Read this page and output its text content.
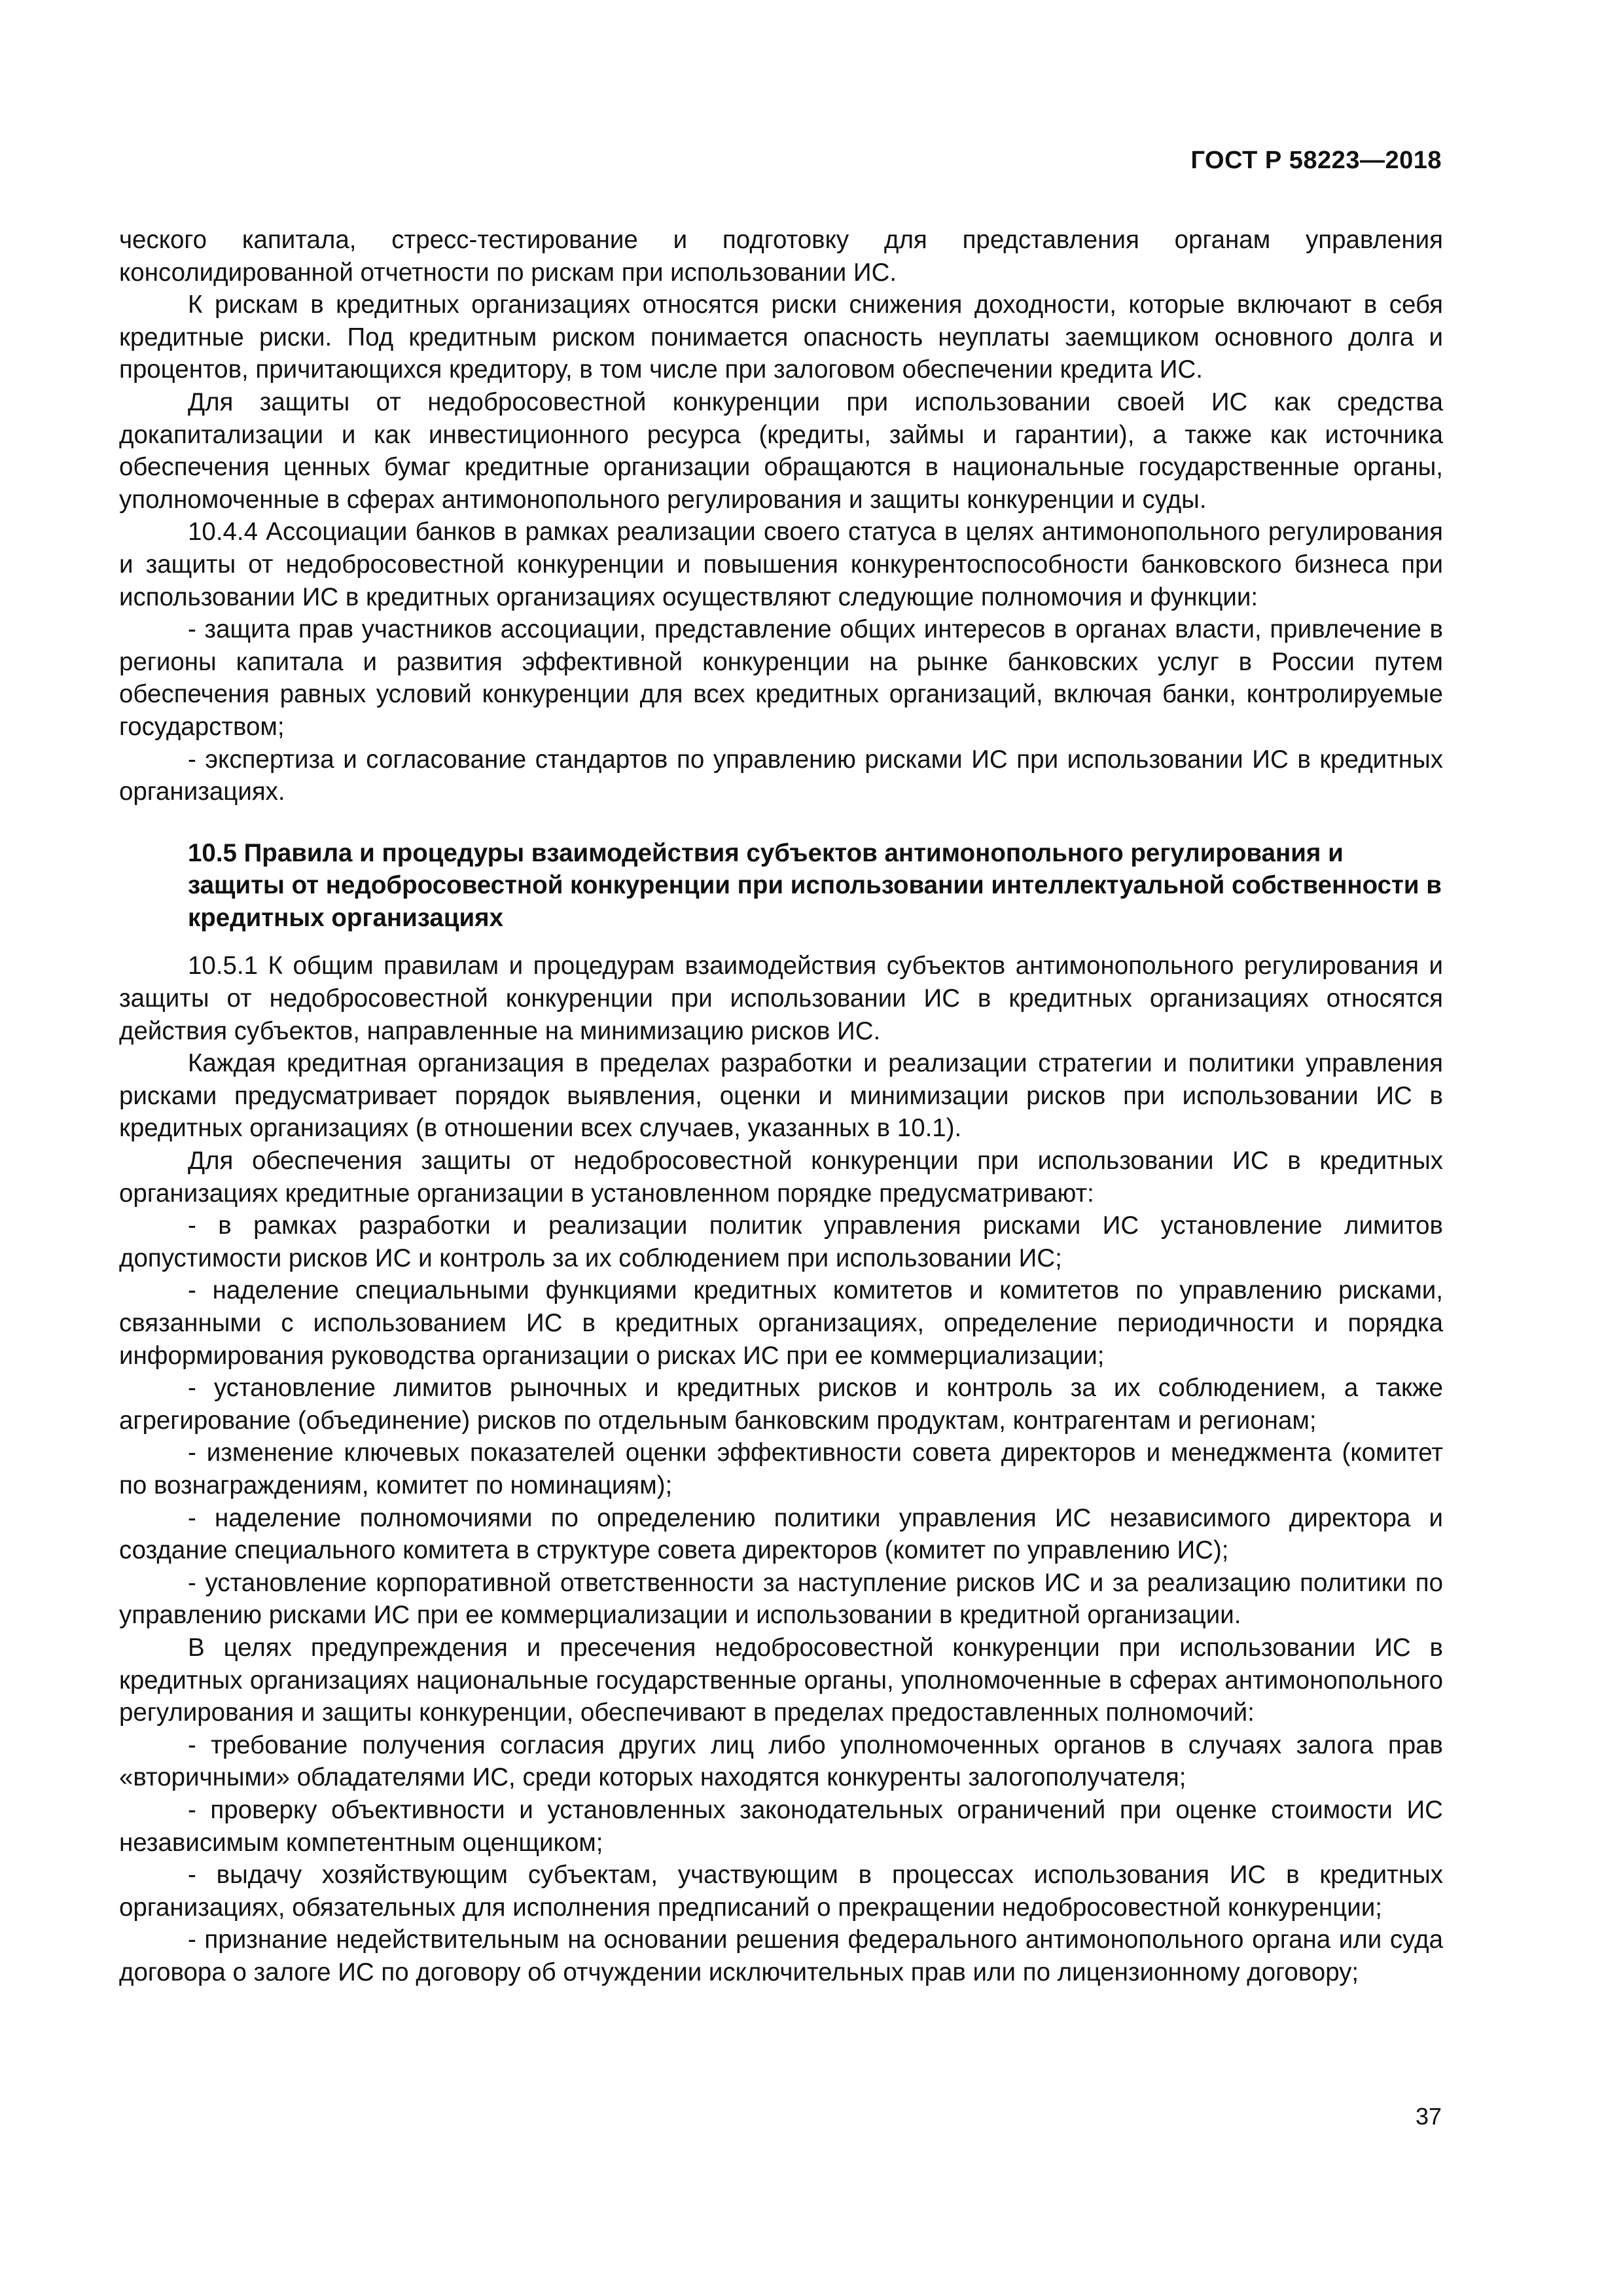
ГОСТ Р 58223—2018

ческого капитала, стресс-тестирование и подготовку для представления органам управления консолидированной отчетности по рискам при использовании ИС.

К рискам в кредитных организациях относятся риски снижения доходности, которые включают в себя кредитные риски. Под кредитным риском понимается опасность неуплаты заемщиком основного долга и процентов, причитающихся кредитору, в том числе при залоговом обеспечении кредита ИС.

Для защиты от недобросовестной конкуренции при использовании своей ИС как средства докапитализации и как инвестиционного ресурса (кредиты, займы и гарантии), а также как источника обеспечения ценных бумаг кредитные организации обращаются в национальные государственные органы, уполномоченные в сферах антимонопольного регулирования и защиты конкуренции и суды.

10.4.4 Ассоциации банков в рамках реализации своего статуса в целях антимонопольного регулирования и защиты от недобросовестной конкуренции и повышения конкурентоспособности банковского бизнеса при использовании ИС в кредитных организациях осуществляют следующие полномочия и функции:

- защита прав участников ассоциации, представление общих интересов в органах власти, привлечение в регионы капитала и развития эффективной конкуренции на рынке банковских услуг в России путем обеспечения равных условий конкуренции для всех кредитных организаций, включая банки, контролируемые государством;

- экспертиза и согласование стандартов по управлению рисками ИС при использовании ИС в кредитных организациях.

10.5 Правила и процедуры взаимодействия субъектов антимонопольного регулирования и защиты от недобросовестной конкуренции при использовании интеллектуальной собственности в кредитных организациях

10.5.1 К общим правилам и процедурам взаимодействия субъектов антимонопольного регулирования и защиты от недобросовестной конкуренции при использовании ИС в кредитных организациях относятся действия субъектов, направленные на минимизацию рисков ИС.

Каждая кредитная организация в пределах разработки и реализации стратегии и политики управления рисками предусматривает порядок выявления, оценки и минимизации рисков при использовании ИС в кредитных организациях (в отношении всех случаев, указанных в 10.1).

Для обеспечения защиты от недобросовестной конкуренции при использовании ИС в кредитных организациях кредитные организации в установленном порядке предусматривают:

- в рамках разработки и реализации политик управления рисками ИС установление лимитов допустимости рисков ИС и контроль за их соблюдением при использовании ИС;

- наделение специальными функциями кредитных комитетов и комитетов по управлению рисками, связанными с использованием ИС в кредитных организациях, определение периодичности и порядка информирования руководства организации о рисках ИС при ее коммерциализации;

- установление лимитов рыночных и кредитных рисков и контроль за их соблюдением, а также агрегирование (объединение) рисков по отдельным банковским продуктам, контрагентам и регионам;

- изменение ключевых показателей оценки эффективности совета директоров и менеджмента (комитет по вознаграждениям, комитет по номинациям);

- наделение полномочиями по определению политики управления ИС независимого директора и создание специального комитета в структуре совета директоров (комитет по управлению ИС);

- установление корпоративной ответственности за наступление рисков ИС и за реализацию политики по управлению рисками ИС при ее коммерциализации и использовании в кредитной организации.

В целях предупреждения и пресечения недобросовестной конкуренции при использовании ИС в кредитных организациях национальные государственные органы, уполномоченные в сферах антимонопольного регулирования и защиты конкуренции, обеспечивают в пределах предоставленных полномочий:

- требование получения согласия других лиц либо уполномоченных органов в случаях залога прав «вторичными» обладателями ИС, среди которых находятся конкуренты залогополучателя;

- проверку объективности и установленных законодательных ограничений при оценке стоимости ИС независимым компетентным оценщиком;

- выдачу хозяйствующим субъектам, участвующим в процессах использования ИС в кредитных организациях, обязательных для исполнения предписаний о прекращении недобросовестной конкуренции;

- признание недействительным на основании решения федерального антимонопольного органа или суда договора о залоге ИС по договору об отчуждении исключительных прав или по лицензионному договору;

37
